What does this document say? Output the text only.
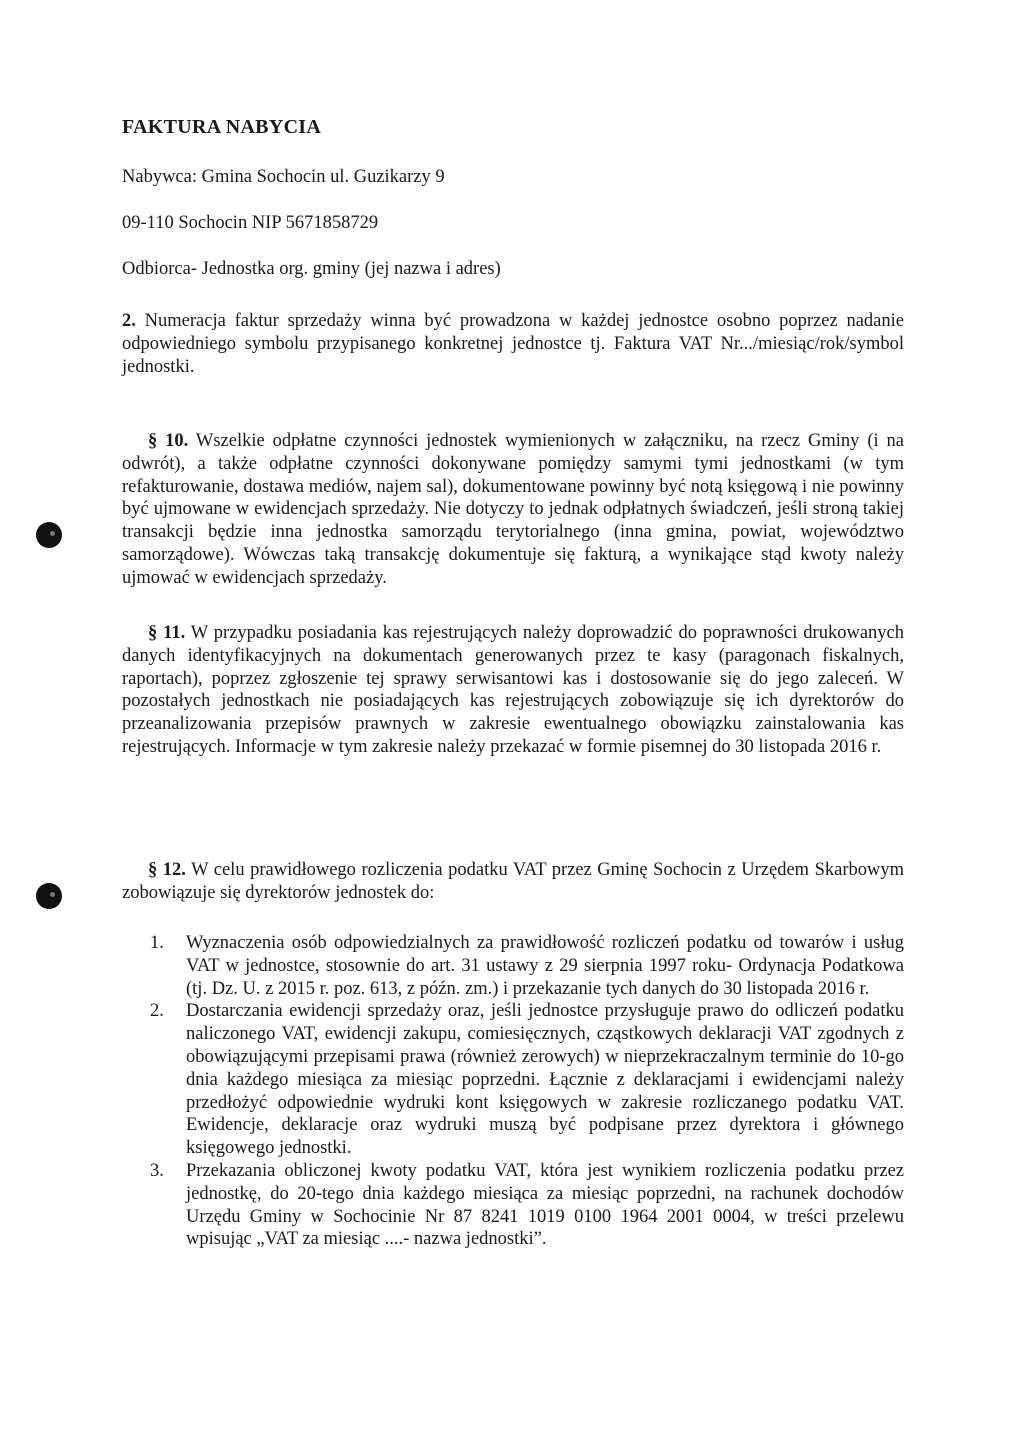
FAKTURA NABYCIA
Nabywca: Gmina Sochocin ul. Guzikarzy 9
09-110 Sochocin NIP 5671858729
Odbiorca- Jednostka org. gminy (jej nazwa i adres)
2. Numeracja faktur sprzedaży winna być prowadzona w każdej jednostce osobno poprzez nadanie odpowiedniego symbolu przypisanego konkretnej jednostce tj. Faktura VAT Nr.../miesiąc/rok/symbol jednostki.
§ 10. Wszelkie odpłatne czynności jednostek wymienionych w załączniku, na rzecz Gminy (i na odwrót), a także odpłatne czynności dokonywane pomiędzy samymi tymi jednostkami (w tym refakturowanie, dostawa mediów, najem sal), dokumentowane powinny być notą księgową i nie powinny być ujmowane w ewidencjach sprzedaży. Nie dotyczy to jednak odpłatnych świadczeń, jeśli stroną takiej transakcji będzie inna jednostka samorządu terytorialnego (inna gmina, powiat, województwo samorządowe). Wówczas taką transakcję dokumentuje się fakturą, a wynikające stąd kwoty należy ujmować w ewidencjach sprzedaży.
§ 11. W przypadku posiadania kas rejestrujących należy doprowadzić do poprawności drukowanych danych identyfikacyjnych na dokumentach generowanych przez te kasy (paragonach fiskalnych, raportach), poprzez zgłoszenie tej sprawy serwisantowi kas i dostosowanie się do jego zaleceń. W pozostałych jednostkach nie posiadających kas rejestrujących zobowiązuje się ich dyrektorów do przeanalizowania przepisów prawnych w zakresie ewentualnego obowiązku zainstalowania kas rejestrujących. Informacje w tym zakresie należy przekazać w formie pisemnej do 30 listopada 2016 r.
§ 12. W celu prawidłowego rozliczenia podatku VAT przez Gminę Sochocin z Urzędem Skarbowym zobowiązuje się dyrektorów jednostek do:
1. Wyznaczenia osób odpowiedzialnych za prawidłowość rozliczeń podatku od towarów i usług VAT w jednostce, stosownie do art. 31 ustawy z 29 sierpnia 1997 roku- Ordynacja Podatkowa (tj. Dz. U. z 2015 r. poz. 613, z późn. zm.) i przekazanie tych danych do 30 listopada 2016 r.
2. Dostarczania ewidencji sprzedaży oraz, jeśli jednostce przysługuje prawo do odliczeń podatku naliczonego VAT, ewidencji zakupu, comiesięcznych, cząstkowych deklaracji VAT zgodnych z obowiązującymi przepisami prawa (również zerowych) w nieprzekraczalnym terminie do 10-go dnia każdego miesiąca za miesiąc poprzedni. Łącznie z deklaracjami i ewidencjami należy przedłożyć odpowiednie wydruki kont księgowych w zakresie rozliczanego podatku VAT. Ewidencje, deklaracje oraz wydruki muszą być podpisane przez dyrektora i głównego księgowego jednostki.
3. Przekazania obliczonej kwoty podatku VAT, która jest wynikiem rozliczenia podatku przez jednostkę, do 20-tego dnia każdego miesiąca za miesiąc poprzedni, na rachunek dochodów Urzędu Gminy w Sochocinie Nr 87 8241 1019 0100 1964 2001 0004, w treści przelewu wpisując „VAT za miesiąc ....- nazwa jednostki”.
